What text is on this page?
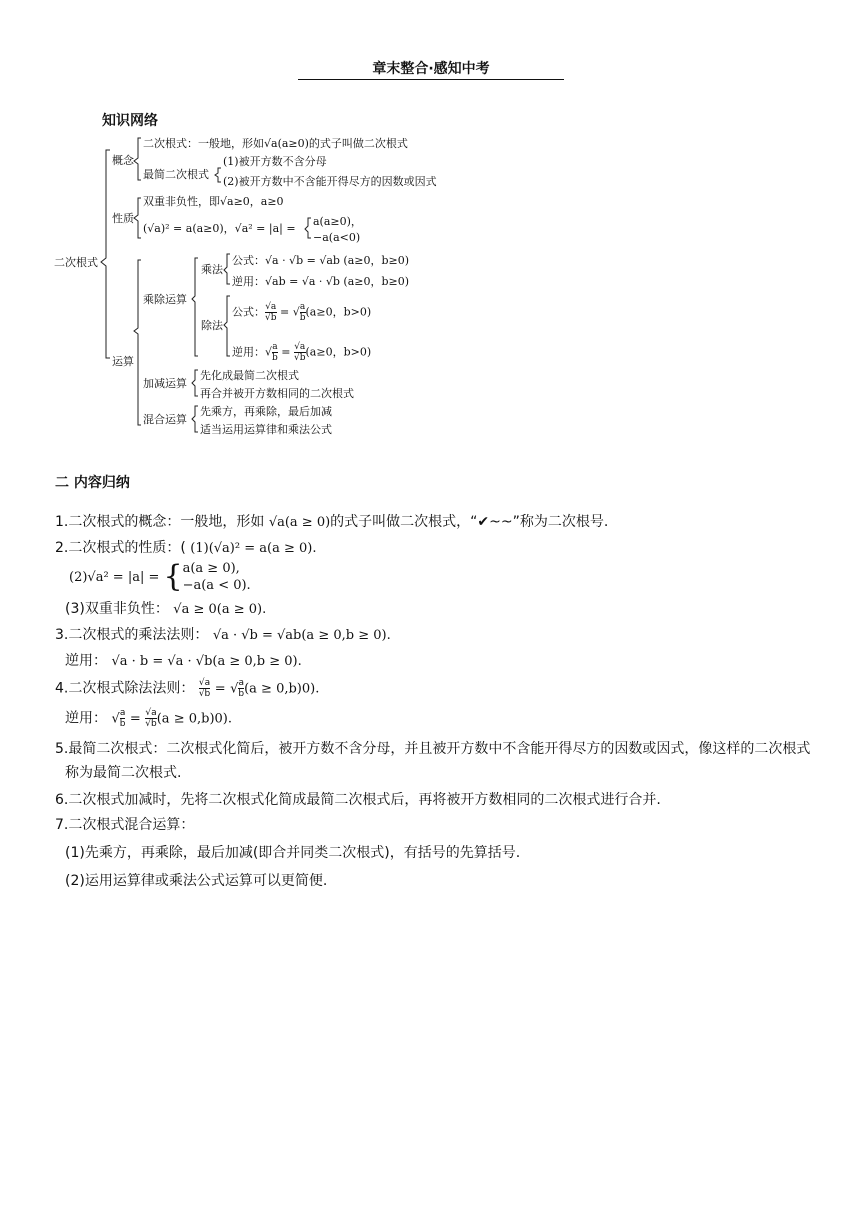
章末整合·感知中考
知识网络
二次根式
概念
二次根式：一般地，形如√a(a≥0)的式子叫做二次根式
最简二次根式
(1)被开方数不含分母
(2)被开方数中不含能开得尽方的因数或因式
性质
双重非负性，即√a≥0，a≥0
(√a)² = a(a≥0)，√a² = |a| =
a(a≥0)，
−a(a<0)
运算
乘除运算
乘法
公式：√a · √b = √ab (a≥0，b≥0)
逆用：√ab = √a · √b (a≥0，b≥0)
除法
公式： $\frac{√a}{√b}$ = √ $\frac{a}{b} (a\ge 0$，b>0)
逆用：√ $\frac{a}{b} = \frac{√a}{√b} (a\ge 0$，b>0)
加减运算
先化成最简二次根式
再合并被开方数相同的二次根式
混合运算
先乘方，再乘除，最后加减
适当运用运算律和乘法公式
二 内容归纳
1.二次根式的概念：一般地，形如 √a(a ≥ 0)的式子叫做二次根式，“✔~~”称为二次根号.
2.二次根式的性质：( (1)(√a)² = a(a ≥ 0).
(2)√a² = |a| = { a(a ≥ 0),
−a(a < 0).
(3)双重非负性： √a ≥ 0(a ≥ 0).
3.二次根式的乘法法则： √a · √b = √ab(a ≥ 0,b ≥ 0).
逆用： √a · b = √a · √b(a ≥ 0,b ≥ 0).
4.二次根式除法法则： $\frac{√a}{√b}$ = √ $\frac{a}{b} (a \ge 0,b)0$).
逆用： √ $\frac{a}{b} = \frac{√a}{√b} (a \ge 0,b)0$).
5.最简二次根式：二次根式化简后，被开方数不含分母，并且被开方数中不含能开得尽方的因数或因式，像这样的二次根式称为最简二次根式.
6.二次根式加减时，先将二次根式化简成最简二次根式后，再将被开方数相同的二次根式进行合并.
7.二次根式混合运算：
(1)先乘方，再乘除，最后加减(即合并同类二次根式)，有括号的先算括号.
(2)运用运算律或乘法公式运算可以更简便.
